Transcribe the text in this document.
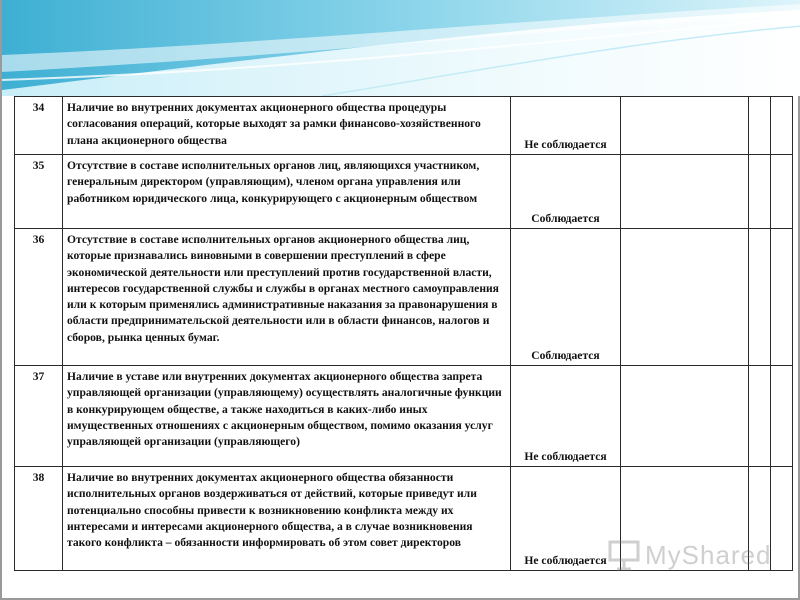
34	Наличие во внутренних документах акционерного общества процедуры согласования операций, которые выходят за рамки финансово-хозяйственного плана акционерного общества	Не соблюдается			
35	Отсутствие в составе исполнительных органов лиц, являющихся участником, генеральным директором (управляющим), членом органа управления или работником юридического лица, конкурирующего с акционерным обществом	Соблюдается			
36	Отсутствие в составе исполнительных органов акционерного общества лиц, которые признавались виновными в совершении преступлений в сфере экономической деятельности или преступлений против государственной власти, интересов государственной службы и службы в органах местного самоуправления или к которым применялись административные наказания за правонарушения в области предпринимательской деятельности или в области финансов, налогов и сборов, рынка ценных бумаг.	Соблюдается			
37	Наличие в уставе или внутренних документах акционерного общества запрета управляющей организации (управляющему) осуществлять аналогичные функции в конкурирующем обществе, а также находиться в каких-либо иных имущественных отношениях с акционерным обществом, помимо оказания услуг управляющей организации (управляющего)	Не соблюдается			
38	Наличие во внутренних документах акционерного общества обязанности исполнительных органов воздерживаться от действий, которые приведут или потенциально способны привести к возникновению конфликта между их интересами и интересами акционерного общества, а в случае возникновения такого конфликта – обязанности информировать об этом совет директоров	Не соблюдается			MyShared
